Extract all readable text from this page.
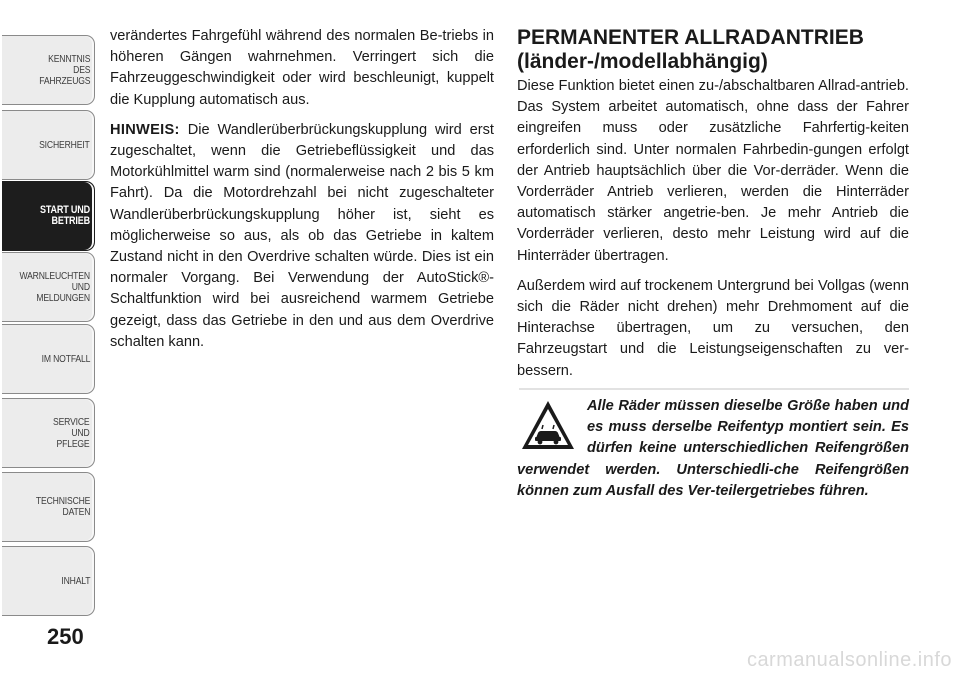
KENNTNIS
DES
FAHRZEUGS
SICHERHEIT
START UND
BETRIEB
WARNLEUCHTEN
UND
MELDUNGEN
IM NOTFALL
SERVICE
UND
PFLEGE
TECHNISCHE
DATEN
INHALT
250

verändertes Fahrgefühl während des normalen Be-triebs in höheren Gängen wahrnehmen. Verringert sich die Fahrzeuggeschwindigkeit oder wird beschleunigt, kuppelt die Kupplung automatisch aus.

HINWEIS: Die Wandlerüberbrückungskupplung wird erst zugeschaltet, wenn die Getriebeflüssigkeit und das Motorkühlmittel warm sind (normalerweise nach 2 bis 5 km Fahrt). Da die Motordrehzahl bei nicht zugeschalteter Wandlerüberbrückungskupplung höher ist, sieht es möglicherweise so aus, als ob das Getriebe in kaltem Zustand nicht in den Overdrive schalten würde. Dies ist ein normaler Vorgang. Bei Verwendung der AutoStick®-Schaltfunktion wird bei ausreichend warmem Getriebe gezeigt, dass das Getriebe in den und aus dem Overdrive schalten kann.

PERMANENTER ALLRADANTRIEB
(länder-/modellabhängig)

Diese Funktion bietet einen zu-/abschaltbaren Allrad-antrieb. Das System arbeitet automatisch, ohne dass der Fahrer eingreifen muss oder zusätzliche Fahrfertig-keiten erforderlich sind. Unter normalen Fahrbedin-gungen erfolgt der Antrieb hauptsächlich über die Vor-derräder. Wenn die Vorderräder Antrieb verlieren, werden die Hinterräder automatisch stärker angetrie-ben. Je mehr Antrieb die Vorderräder verlieren, desto mehr Leistung wird auf die Hinterräder übertragen.

Außerdem wird auf trockenem Untergrund bei Vollgas (wenn sich die Räder nicht drehen) mehr Drehmoment auf die Hinterachse übertragen, um zu versuchen, den Fahrzeugstart und die Leistungseigenschaften zu ver-bessern.

Alle Räder müssen dieselbe Größe haben und es muss derselbe Reifentyp montiert sein. Es dürfen keine unterschiedlichen Reifengrößen verwendet werden. Unterschiedli-che Reifengrößen können zum Ausfall des Ver-teilergetriebes führen.

carmanualsonline.info
